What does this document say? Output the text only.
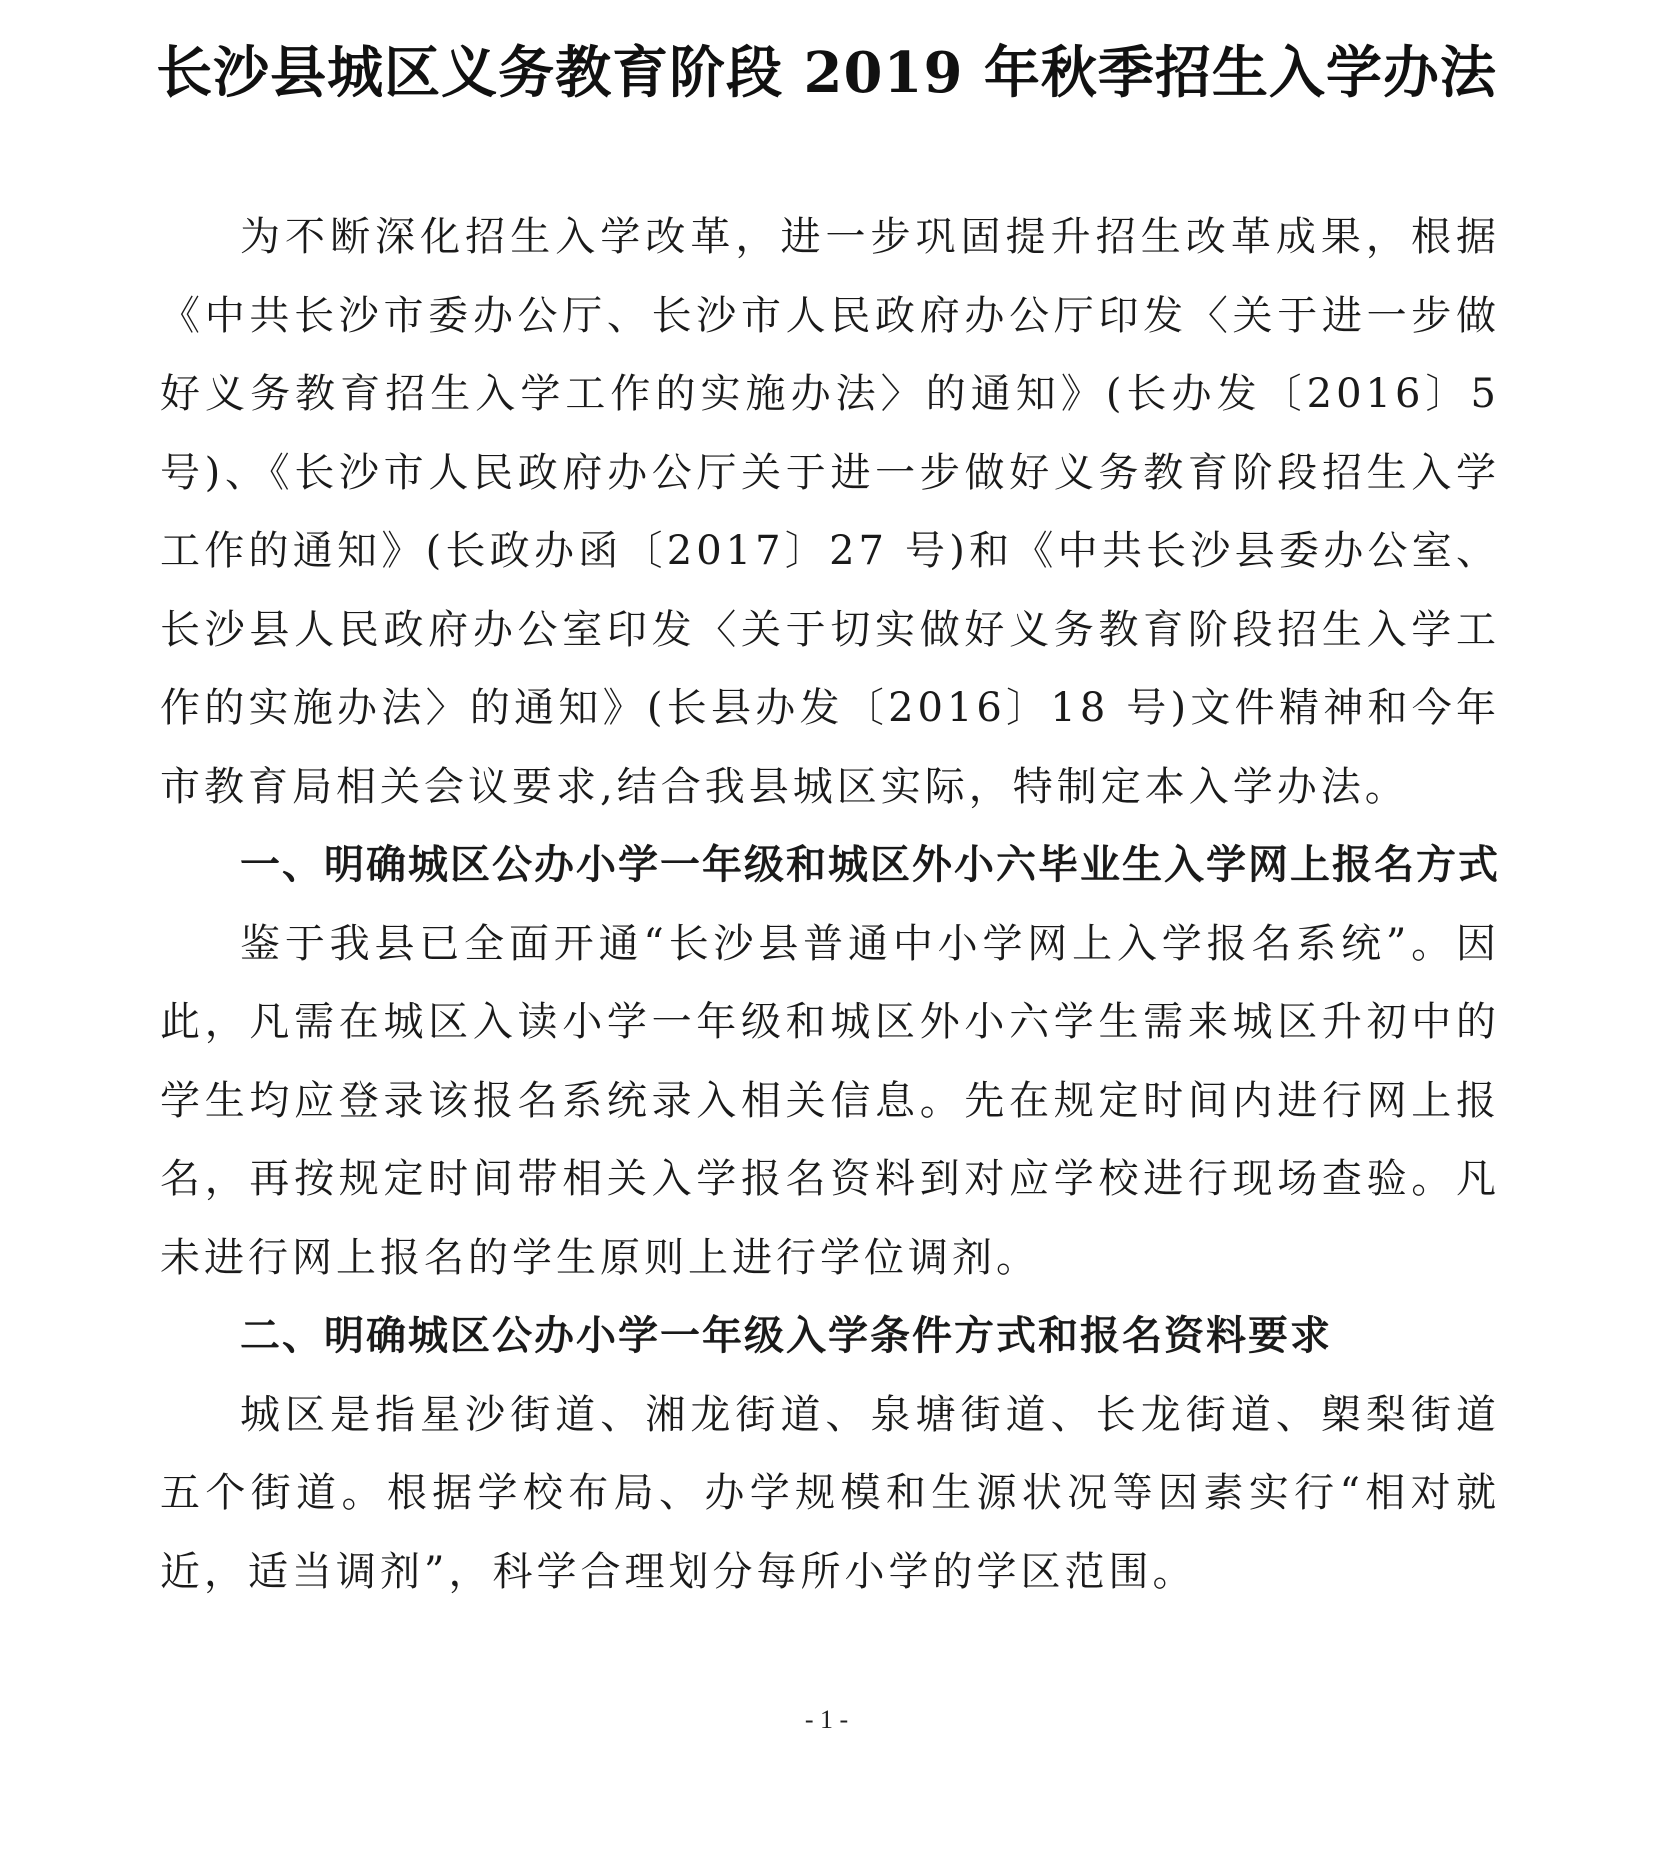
长沙县城区义务教育阶段 2019 年秋季招生入学办法

为不断深化招生入学改革，进一步巩固提升招生改革成果，根据《中共长沙市委办公厅、长沙市人民政府办公厅印发〈关于进一步做好义务教育招生入学工作的实施办法〉的通知》(长办发〔2016〕5 号)、《长沙市人民政府办公厅关于进一步做好义务教育阶段招生入学工作的通知》(长政办函〔2017〕27 号)和《中共长沙县委办公室、长沙县人民政府办公室印发〈关于切实做好义务教育阶段招生入学工作的实施办法〉的通知》(长县办发〔2016〕18 号)文件精神和今年市教育局相关会议要求,结合我县城区实际，特制定本入学办法。

一、明确城区公办小学一年级和城区外小六毕业生入学网上报名方式

鉴于我县已全面开通“长沙县普通中小学网上入学报名系统”。因此，凡需在城区入读小学一年级和城区外小六学生需来城区升初中的学生均应登录该报名系统录入相关信息。先在规定时间内进行网上报名，再按规定时间带相关入学报名资料到对应学校进行现场查验。凡未进行网上报名的学生原则上进行学位调剂。

二、明确城区公办小学一年级入学条件方式和报名资料要求

城区是指星沙街道、湘龙街道、泉塘街道、长龙街道、㮾梨街道五个街道。根据学校布局、办学规模和生源状况等因素实行“相对就近，适当调剂”，科学合理划分每所小学的学区范围。

- 1 -
